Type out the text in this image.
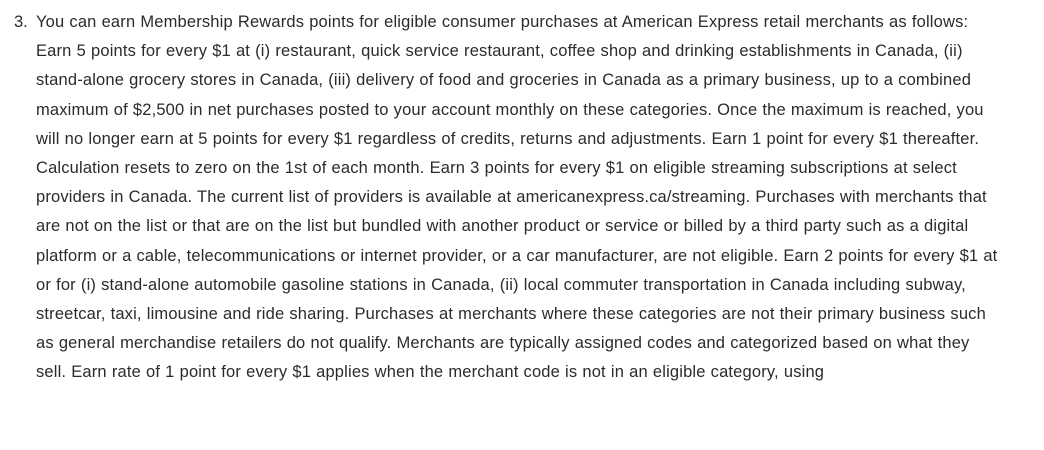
3. You can earn Membership Rewards points for eligible consumer purchases at American Express retail merchants as follows: Earn 5 points for every $1 at (i) restaurant, quick service restaurant, coffee shop and drinking establishments in Canada, (ii) stand-alone grocery stores in Canada, (iii) delivery of food and groceries in Canada as a primary business, up to a combined maximum of $2,500 in net purchases posted to your account monthly on these categories. Once the maximum is reached, you will no longer earn at 5 points for every $1 regardless of credits, returns and adjustments. Earn 1 point for every $1 thereafter. Calculation resets to zero on the 1st of each month. Earn 3 points for every $1 on eligible streaming subscriptions at select providers in Canada. The current list of providers is available at americanexpress.ca/streaming. Purchases with merchants that are not on the list or that are on the list but bundled with another product or service or billed by a third party such as a digital platform or a cable, telecommunications or internet provider, or a car manufacturer, are not eligible. Earn 2 points for every $1 at or for (i) stand-alone automobile gasoline stations in Canada, (ii) local commuter transportation in Canada including subway, streetcar, taxi, limousine and ride sharing. Purchases at merchants where these categories are not their primary business such as general merchandise retailers do not qualify. Merchants are typically assigned codes and categorized based on what they sell. Earn rate of 1 point for every $1 applies when the merchant code is not in an eligible category, using
